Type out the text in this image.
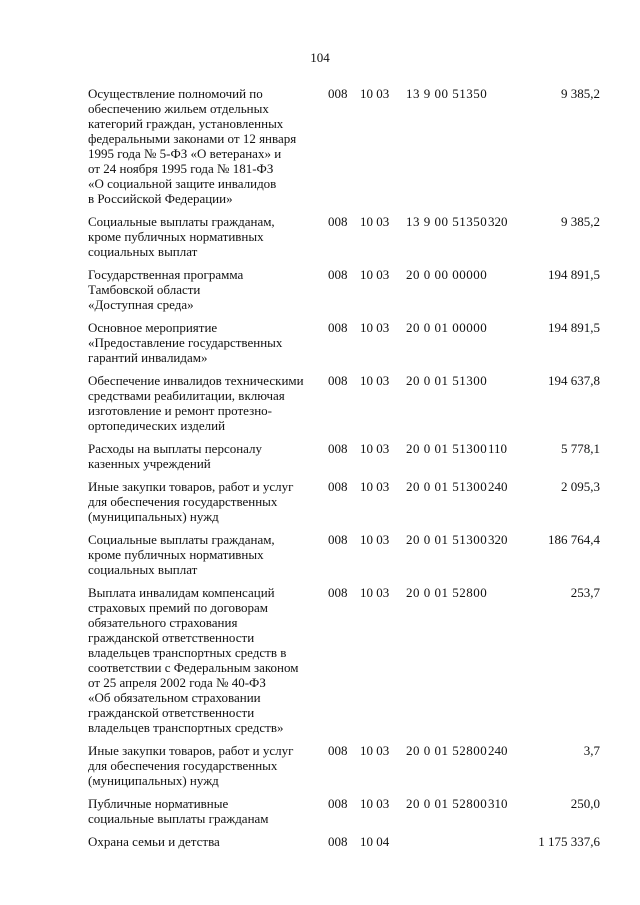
104
Осуществление полномочий по
обеспечению жильем отдельных
категорий граждан, установленных
федеральными законами от 12 января
1995 года № 5-ФЗ «О ветеранах» и
от 24 ноября 1995 года № 181-ФЗ
«О социальной защите инвалидов
в Российской Федерации»
008 10 03 13 9 00 51350	9 385,2
Социальные выплаты гражданам,
кроме публичных нормативных
социальных выплат
008 10 03 13 9 00 51350 320	9 385,2
Государственная программа
Тамбовской области
«Доступная среда»
008 10 03 20 0 00 00000	194 891,5
Основное мероприятие
«Предоставление государственных
гарантий инвалидам»
008 10 03 20 0 01 00000	194 891,5
Обеспечение инвалидов техническими
средствами реабилитации, включая
изготовление и ремонт протезно-
ортопедических изделий
008 10 03 20 0 01 51300	194 637,8
Расходы на выплаты персоналу
казенных учреждений
008 10 03 20 0 01 51300 110	5 778,1
Иные закупки товаров, работ и услуг
для обеспечения государственных
(муниципальных) нужд
008 10 03 20 0 01 51300 240	2 095,3
Социальные выплаты гражданам,
кроме публичных нормативных
социальных выплат
008 10 03 20 0 01 51300 320	186 764,4
Выплата инвалидам компенсаций
страховых премий по договорам
обязательного страхования
гражданской ответственности
владельцев транспортных средств в
соответствии с Федеральным законом
от 25 апреля 2002 года № 40-ФЗ
«Об обязательном страховании
гражданской ответственности
владельцев транспортных средств»
008 10 03 20 0 01 52800	253,7
Иные закупки товаров, работ и услуг
для обеспечения государственных
(муниципальных) нужд
008 10 03 20 0 01 52800 240	3,7
Публичные нормативные
социальные выплаты гражданам
008 10 03 20 0 01 52800 310	250,0
Охрана семьи и детства	008 10 04	1 175 337,6
